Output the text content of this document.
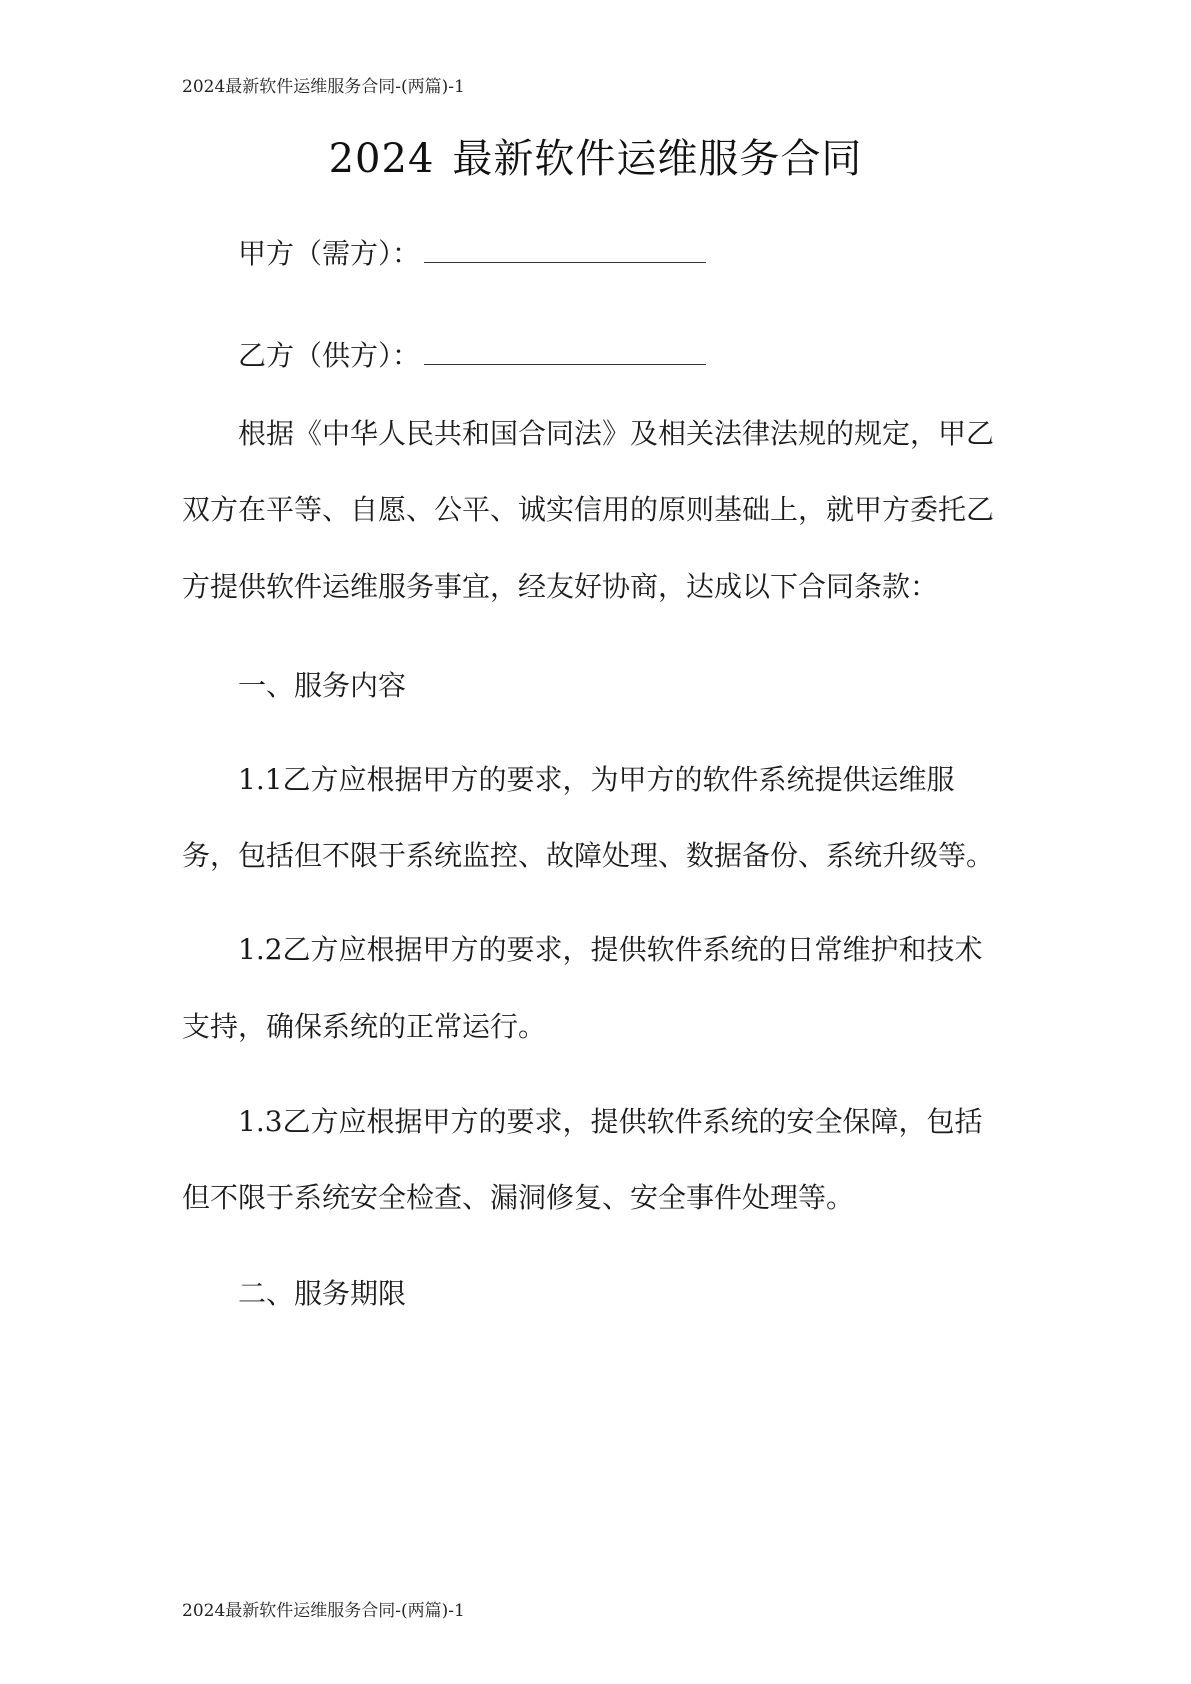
2024最新软件运维服务合同-(两篇)-1
2024 最新软件运维服务合同
甲方（需方）：
乙方（供方）：
根据《中华人民共和国合同法》及相关法律法规的规定，甲乙
双方在平等、自愿、公平、诚实信用的原则基础上，就甲方委托乙
方提供软件运维服务事宜，经友好协商，达成以下合同条款：
一、服务内容
1.1乙方应根据甲方的要求，为甲方的软件系统提供运维服
务，包括但不限于系统监控、故障处理、数据备份、系统升级等。
1.2乙方应根据甲方的要求，提供软件系统的日常维护和技术
支持，确保系统的正常运行。
1.3乙方应根据甲方的要求，提供软件系统的安全保障，包括
但不限于系统安全检查、漏洞修复、安全事件处理等。
二、服务期限
2024最新软件运维服务合同-(两篇)-1
